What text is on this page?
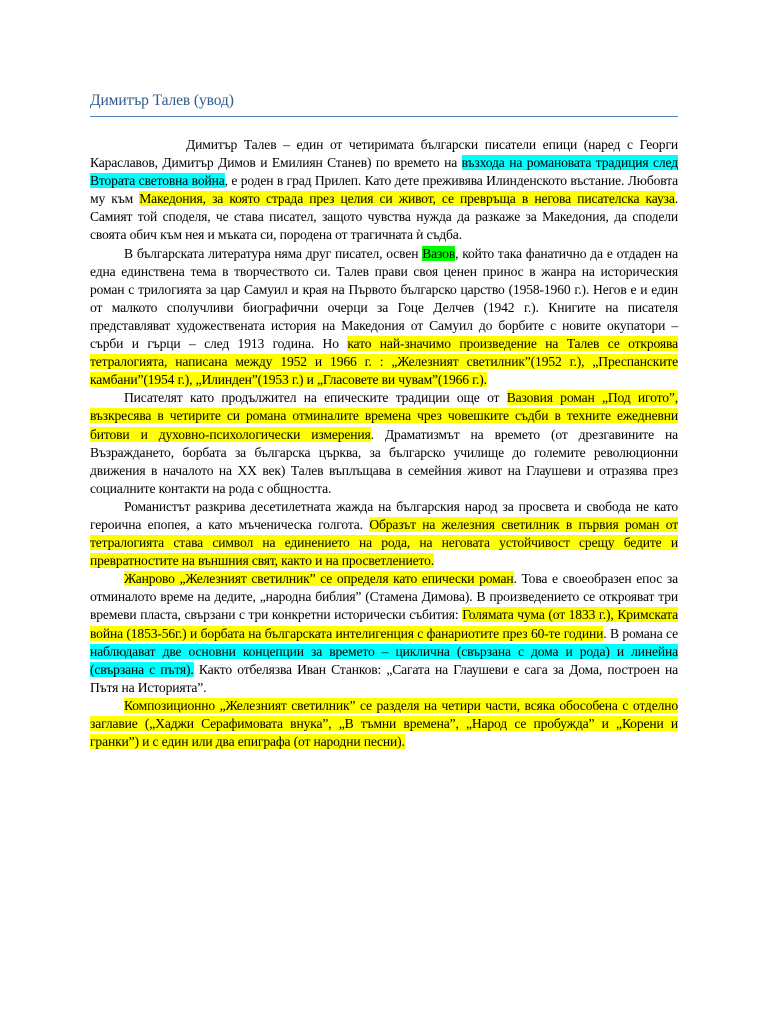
Димитър Талев (увод)

Димитър Талев – един от четиримата български писатели епици (наред с Георги Караславов, Димитър Димов и Емилиян Станев) по времето на възхода на романовата традиция след Втората световна война, е роден в град Прилеп. Като дете преживява Илинденското въстание. Любовта му към Македония, за която страда през целия си живот, се превръща в негова писателска кауза. Самият той споделя, че става писател, защото чувства нужда да разкаже за Македония, да сподели своята обич към нея и мъката си, породена от трагичната ѝ съдба.

В българската литература няма друг писател, освен Вазов, който така фанатично да е отдаден на една единствена тема в творчеството си. Талев прави своя ценен принос в жанра на историческия роман с трилогията за цар Самуил и края на Първото българско царство (1958-1960 г.). Негов е и един от малкото сполучливи биографични очерци за Гоце Делчев (1942 г.). Книгите на писателя представляват художествената история на Македония от Самуил до борбите с новите окупатори – сърби и гърци – след 1913 година. Но като най-значимо произведение на Талев се откроява тетралогията, написана между 1952 и 1966 г. : „Железният светилник”(1952 г.), „Преспанските камбани”(1954 г.), „Илинден”(1953 г.) и „Гласовете ви чувам”(1966 г.).

Писателят като продължител на епическите традиции още от Вазовия роман „Под игото”, възкресява в четирите си романа отминалите времена чрез човешките съдби в техните ежедневни битови и духовно-психологически измерения. Драматизмът на времето (от дрезгавините на Възраждането, борбата за българска църква, за българско училище до големите революционни движения в началото на XX век) Талев въплъщава в семейния живот на Глаушеви и отразява през социалните контакти на рода с общността.

Романистът разкрива десетилетната жажда на българския народ за просвета и свобода не като героична епопея, а като мъченическа голгота. Образът на железния светилник в първия роман от тетралогията става символ на единението на рода, на неговата устойчивост срещу бедите и превратностите на външния свят, както и на просветлението.

Жанрово „Железният светилник” се определя като епически роман. Това е своеобразен епос за отминалото време на дедите, „народна библия” (Стамена Димова). В произведението се открояват три времеви пласта, свързани с три конкретни исторически събития: Голямата чума (от 1833 г.), Кримската война (1853-56г.) и борбата на българската интелигенция с фанариотите през 60-те години. В романа се наблюдават две основни концепции за времето – циклична (свързана с дома и рода) и линейна (свързана с пътя). Както отбелязва Иван Станков: „Сагата на Глаушеви е сага за Дома, построен на Пътя на Историята”.

Композиционно „Железният светилник” се разделя на четири части, всяка обособена с отделно заглавие („Хаджи Серафимовата внука”, „В тъмни времена”, „Народ се пробужда” и „Корени и гранки”) и с един или два епиграфа (от народни песни).
